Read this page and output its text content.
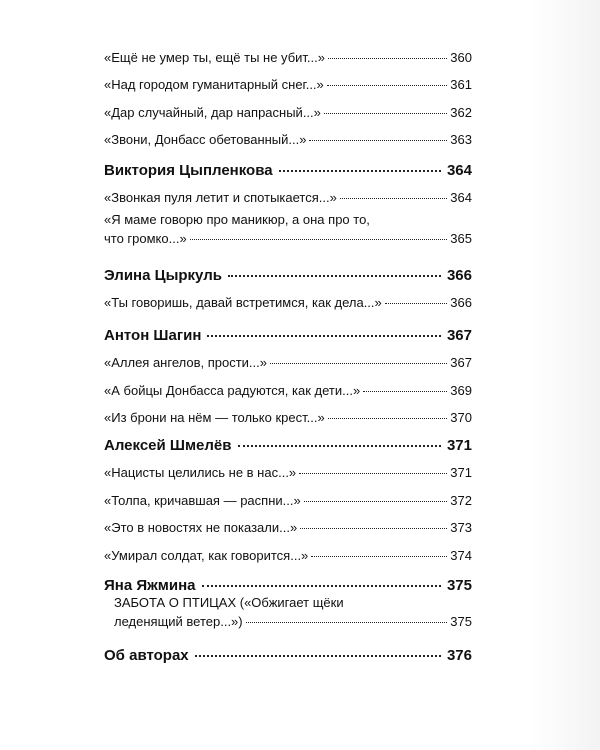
«Ещё не умер ты, ещё ты не убит...»	360
«Над городом гуманитарный снег...»	361
«Дар случайный, дар напрасный...»	362
«Звони, Донбасс обетованный...»	363
Виктория Цыпленкова	364
«Звонкая пуля летит и спотыкается...»	364
«Я маме говорю про маникюр, а она про то,
что громко...»	365
Элина Цыркуль	366
«Ты говоришь, давай встретимся, как дела...»	366
Антон Шагин	367
«Аллея ангелов, прости...»	367
«А бойцы Донбасса радуются, как дети...»	369
«Из брони на нём — только крест...»	370
Алексей Шмелёв	371
«Нацисты целились не в нас...»	371
«Толпа, кричавшая — распни...»	372
«Это в новостях не показали...»	373
«Умирал солдат, как говорится...»	374
Яна Яжмина	375
ЗАБОТА О ПТИЦАХ («Обжигает щёки
леденящий ветер...»)	375
Об авторах	376
